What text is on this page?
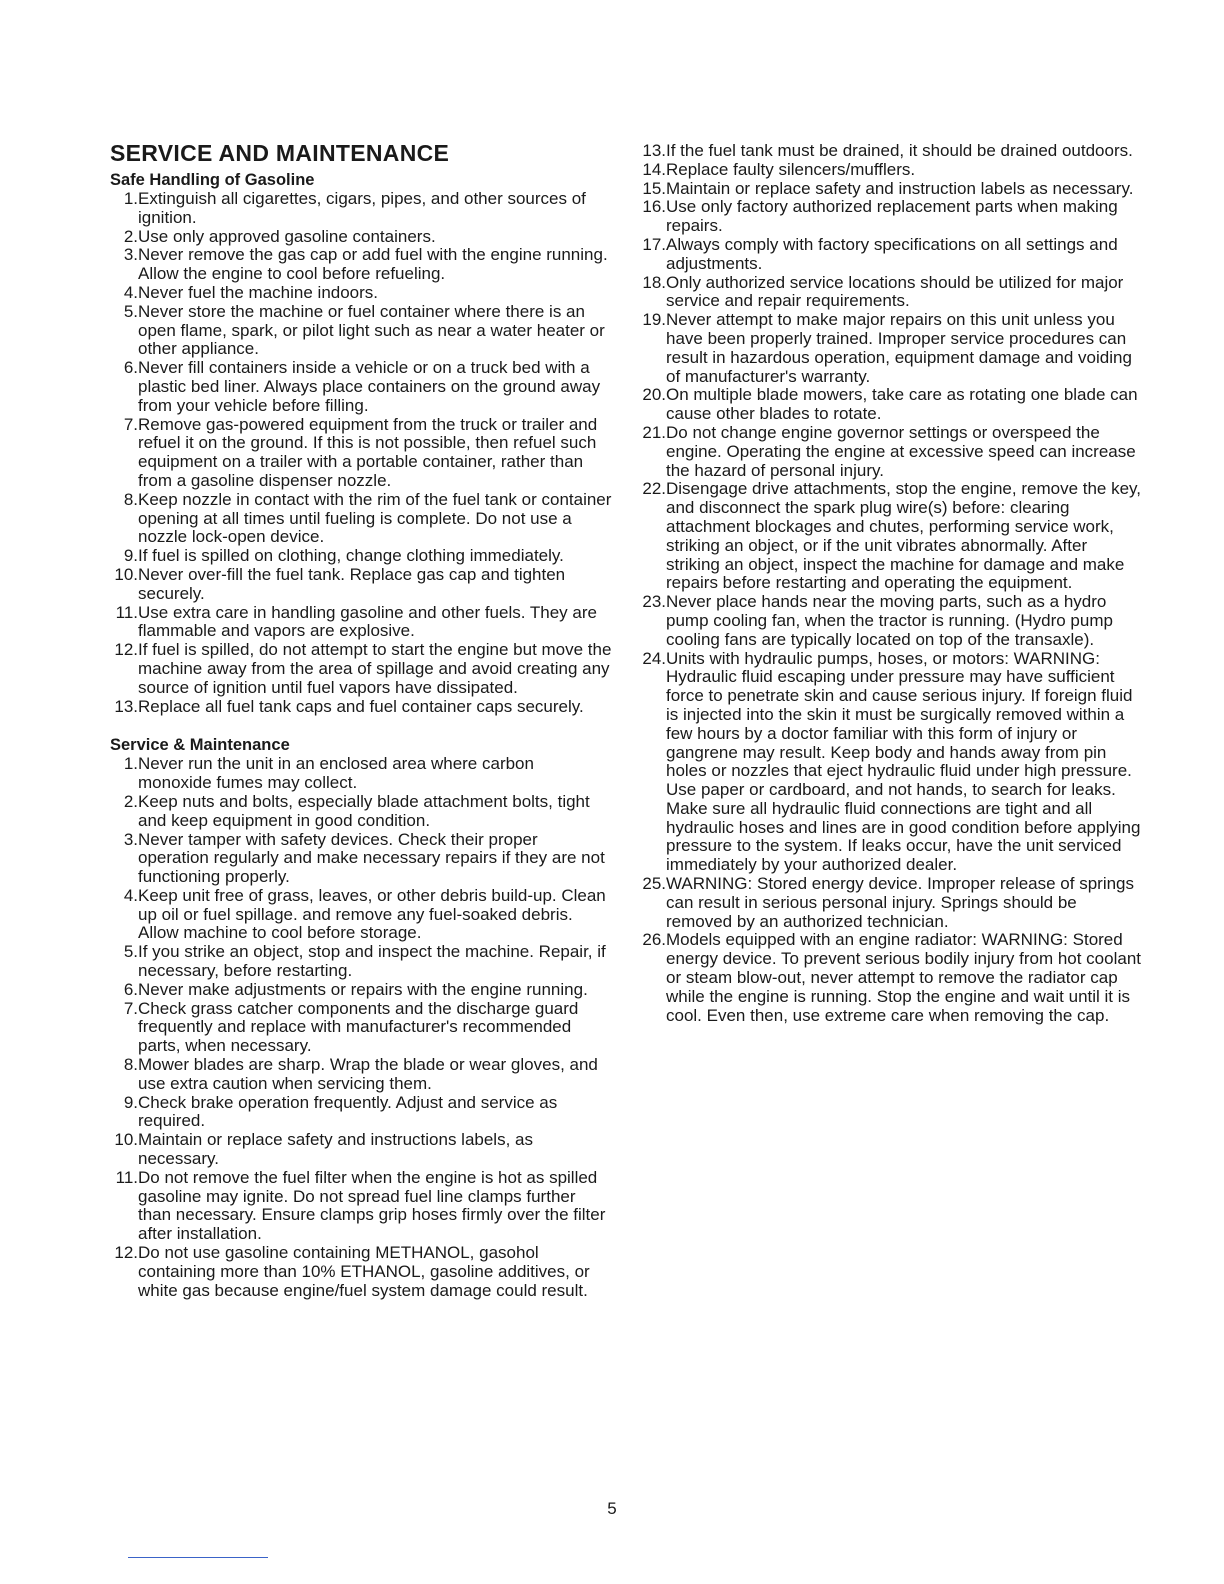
SERVICE AND MAINTENANCE
Safe Handling of Gasoline
1. Extinguish all cigarettes, cigars, pipes, and other sources of ignition.
2. Use only approved gasoline containers.
3. Never remove the gas cap or add fuel with the engine running. Allow the engine to cool before refueling.
4. Never fuel the machine indoors.
5. Never store the machine or fuel container where there is an open flame, spark, or pilot light such as near a water heater or other appliance.
6. Never fill containers inside a vehicle or on a truck bed with a plastic bed liner. Always place containers on the ground away from your vehicle before filling.
7. Remove gas-powered equipment from the truck or trailer and refuel it on the ground. If this is not possible, then refuel such equipment on a trailer with a portable container, rather than from a gasoline dispenser nozzle.
8. Keep nozzle in contact with the rim of the fuel tank or container opening at all times until fueling is complete. Do not use a nozzle lock-open device.
9. If fuel is spilled on clothing, change clothing immediately.
10. Never over-fill the fuel tank. Replace gas cap and tighten securely.
11. Use extra care in handling gasoline and other fuels. They are flammable and vapors are explosive.
12. If fuel is spilled, do not attempt to start the engine but move the machine away from the area of spillage and avoid creating any source of ignition until fuel vapors have dissipated.
13. Replace all fuel tank caps and fuel container caps securely.
Service & Maintenance
1. Never run the unit in an enclosed area where carbon monoxide fumes may collect.
2. Keep nuts and bolts, especially blade attachment bolts, tight and keep equipment in good condition.
3. Never tamper with safety devices. Check their proper operation regularly and make necessary repairs if they are not functioning properly.
4. Keep unit free of grass, leaves, or other debris build-up. Clean up oil or fuel spillage. and remove any fuel-soaked debris. Allow machine to cool before storage.
5. If you strike an object, stop and inspect the machine. Repair, if necessary, before restarting.
6. Never make adjustments or repairs with the engine running.
7. Check grass catcher components and the discharge guard frequently and replace with manufacturer's recommended parts, when necessary.
8. Mower blades are sharp. Wrap the blade or wear gloves, and use extra caution when servicing them.
9. Check brake operation frequently. Adjust and service as required.
10. Maintain or replace safety and instructions labels, as necessary.
11. Do not remove the fuel filter when the engine is hot as spilled gasoline may ignite. Do not spread fuel line clamps further than necessary. Ensure clamps grip hoses firmly over the filter after installation.
12. Do not use gasoline containing METHANOL, gasohol containing more than 10% ETHANOL, gasoline additives, or white gas because engine/fuel system damage could result.
13. If the fuel tank must be drained, it should be drained outdoors.
14. Replace faulty silencers/mufflers.
15. Maintain or replace safety and instruction labels as necessary.
16. Use only factory authorized replacement parts when making repairs.
17. Always comply with factory specifications on all settings and adjustments.
18. Only authorized service locations should be utilized for major service and repair requirements.
19. Never attempt to make major repairs on this unit unless you have been properly trained. Improper service procedures can result in hazardous operation, equipment damage and voiding of manufacturer's warranty.
20. On multiple blade mowers, take care as rotating one blade can cause other blades to rotate.
21. Do not change engine governor settings or overspeed the engine. Operating the engine at excessive speed can increase the hazard of personal injury.
22. Disengage drive attachments, stop the engine, remove the key, and disconnect the spark plug wire(s) before: clearing attachment blockages and chutes, performing service work, striking an object, or if the unit vibrates abnormally. After striking an object, inspect the machine for damage and make repairs before restarting and operating the equipment.
23. Never place hands near the moving parts, such as a hydro pump cooling fan, when the tractor is running. (Hydro pump cooling fans are typically located on top of the transaxle).
24. Units with hydraulic pumps, hoses, or motors: WARNING: Hydraulic fluid escaping under pressure may have sufficient force to penetrate skin and cause serious injury. If foreign fluid is injected into the skin it must be surgically removed within a few hours by a doctor familiar with this form of injury or gangrene may result. Keep body and hands away from pin holes or nozzles that eject hydraulic fluid under high pressure. Use paper or cardboard, and not hands, to search for leaks. Make sure all hydraulic fluid connections are tight and all hydraulic hoses and lines are in good condition before applying pressure to the system. If leaks occur, have the unit serviced immediately by your authorized dealer.
25. WARNING: Stored energy device. Improper release of springs can result in serious personal injury. Springs should be removed by an authorized technician.
26. Models equipped with an engine radiator: WARNING: Stored energy device. To prevent serious bodily injury from hot coolant or steam blow-out, never attempt to remove the radiator cap while the engine is running. Stop the engine and wait until it is cool. Even then, use extreme care when removing the cap.
5
